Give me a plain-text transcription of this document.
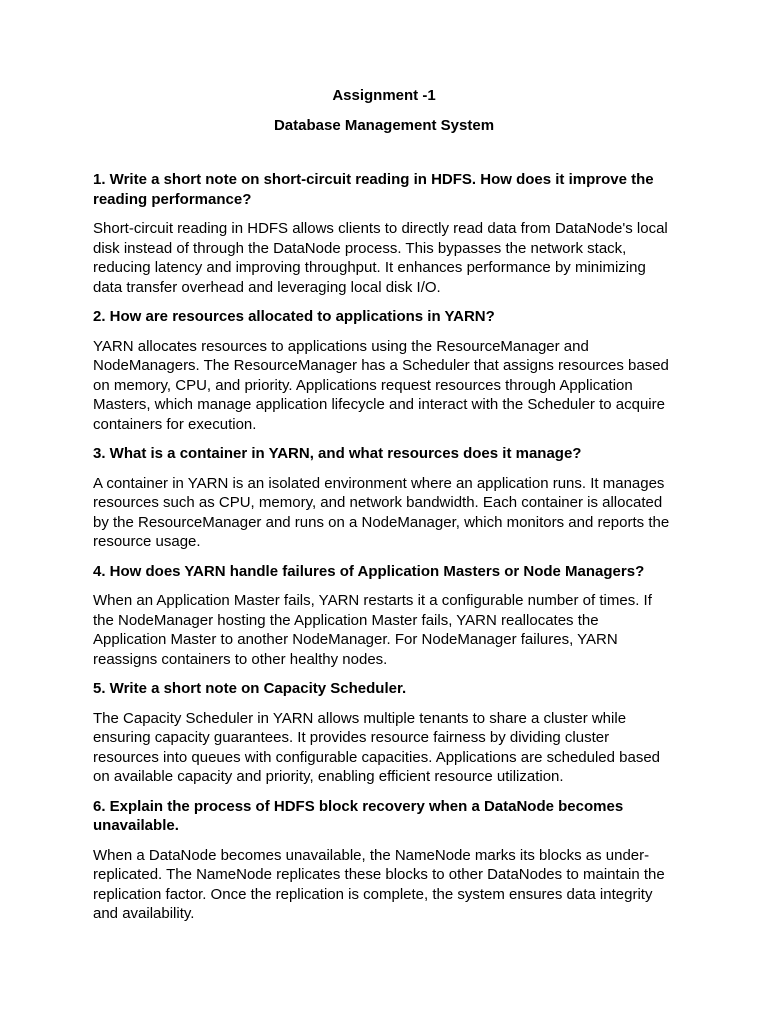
Assignment -1
Database Management System

1. Write a short note on short-circuit reading in HDFS. How does it improve the reading performance?

Short-circuit reading in HDFS allows clients to directly read data from DataNode's local disk instead of through the DataNode process. This bypasses the network stack, reducing latency and improving throughput. It enhances performance by minimizing data transfer overhead and leveraging local disk I/O.

2. How are resources allocated to applications in YARN?

YARN allocates resources to applications using the ResourceManager and NodeManagers. The ResourceManager has a Scheduler that assigns resources based on memory, CPU, and priority. Applications request resources through Application Masters, which manage application lifecycle and interact with the Scheduler to acquire containers for execution.

3. What is a container in YARN, and what resources does it manage?

A container in YARN is an isolated environment where an application runs. It manages resources such as CPU, memory, and network bandwidth. Each container is allocated by the ResourceManager and runs on a NodeManager, which monitors and reports the resource usage.

4. How does YARN handle failures of Application Masters or Node Managers?

When an Application Master fails, YARN restarts it a configurable number of times. If the NodeManager hosting the Application Master fails, YARN reallocates the Application Master to another NodeManager. For NodeManager failures, YARN reassigns containers to other healthy nodes.

5. Write a short note on Capacity Scheduler.

The Capacity Scheduler in YARN allows multiple tenants to share a cluster while ensuring capacity guarantees. It provides resource fairness by dividing cluster resources into queues with configurable capacities. Applications are scheduled based on available capacity and priority, enabling efficient resource utilization.

6. Explain the process of HDFS block recovery when a DataNode becomes unavailable.

When a DataNode becomes unavailable, the NameNode marks its blocks as under-replicated. The NameNode replicates these blocks to other DataNodes to maintain the replication factor. Once the replication is complete, the system ensures data integrity and availability.
